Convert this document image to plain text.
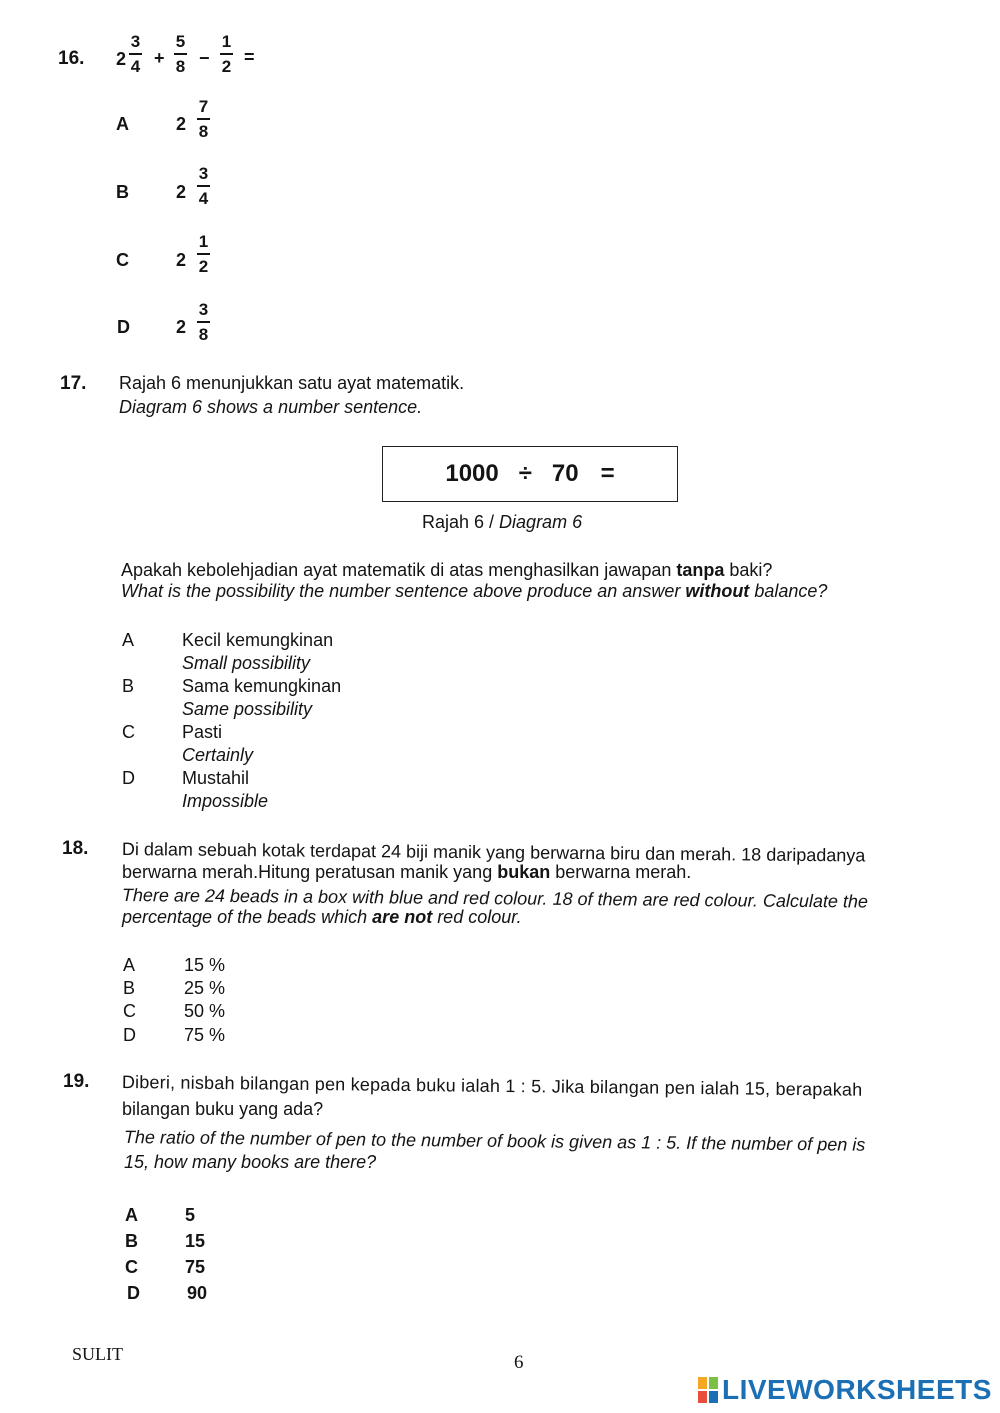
16. 2
3
4 +
5
8 −
1
2 =
A	2
7
8
B	2
3
4
C	2
1
2
D	2
3
8
17. Rajah 6 menunjukkan satu ayat matematik.
Diagram 6 shows a number sentence.
1000 ÷ 70 =
Rajah 6 / Diagram 6
Apakah kebolehjadian ayat matematik di atas menghasilkan jawapan tanpa baki?
What is the possibility the number sentence above produce an answer without balance?
A	Kecil kemungkinan
Small possibility
B	Sama kemungkinan
Same possibility
C	Pasti
Certainly
D	Mustahil
Impossible
18. Di dalam sebuah kotak terdapat 24 biji manik yang berwarna biru dan merah. 18 daripadanya
berwarna merah.Hitung peratusan manik yang bukan berwarna merah.
There are 24 beads in a box with blue and red colour. 18 of them are red colour. Calculate the
percentage of the beads which are not red colour.
A	15 %
B	25 %
C	50 %
D	75 %
19. Diberi, nisbah bilangan pen kepada buku ialah 1 : 5. Jika bilangan pen ialah 15, berapakah
bilangan buku yang ada?
The ratio of the number of pen to the number of book is given as 1 : 5. If the number of pen is
15, how many books are there?
A	5
B	15
C	75
D	90
SULIT	6
LIVEWORKSHEETS
